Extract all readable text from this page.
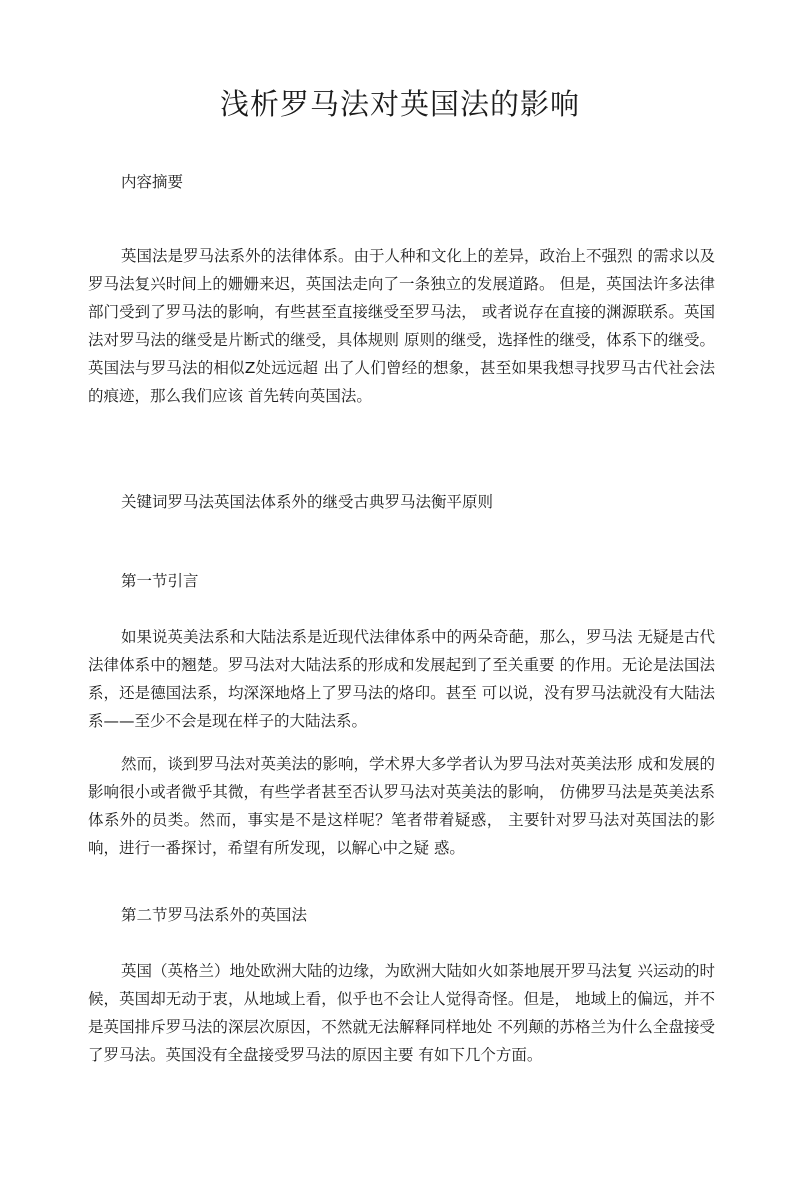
浅析罗马法对英国法的影响

内容摘要

英国法是罗马法系外的法律体系。由于人种和文化上的差异，政治上不强烈 的需求以及罗马法复兴时间上的姗姗来迟，英国法走向了一条独立的发展道路。 但是，英国法许多法律部门受到了罗马法的影响，有些甚至直接继受至罗马法， 或者说存在直接的渊源联系。英国法对罗马法的继受是片断式的继受，具体规则 原则的继受，选择性的继受，体系下的继受。英国法与罗马法的相似Z处远远超 出了人们曾经的想象，甚至如果我想寻找罗马古代社会法的痕迹，那么我们应该 首先转向英国法。

关键词罗马法英国法体系外的继受古典罗马法衡平原则

第一节引言

如果说英美法系和大陆法系是近现代法律体系中的两朵奇葩，那么，罗马法 无疑是古代法律体系中的翘楚。罗马法对大陆法系的形成和发展起到了至关重要 的作用。无论是法国法系，还是德国法系，均深深地烙上了罗马法的烙印。甚至 可以说，没有罗马法就没有大陆法系——至少不会是现在样子的大陆法系。

然而，谈到罗马法对英美法的影响，学术界大多学者认为罗马法对英美法形 成和发展的影响很小或者微乎其微，有些学者甚至否认罗马法对英美法的影响， 仿佛罗马法是英美法系体系外的员类。然而，事实是不是这样呢？笔者带着疑惑， 主要针对罗马法对英国法的影响，进行一番探讨，希望有所发现，以解心中之疑 惑。

第二节罗马法系外的英国法

英国（英格兰）地处欧洲大陆的边缘，为欧洲大陆如火如荼地展开罗马法复 兴运动的时候，英国却无动于衷，从地域上看，似乎也不会让人觉得奇怪。但是， 地域上的偏远，并不是英国排斥罗马法的深层次原因，不然就无法解释同样地处 不列颠的苏格兰为什么全盘接受了罗马法。英国没有全盘接受罗马法的原因主要 有如下几个方面。
